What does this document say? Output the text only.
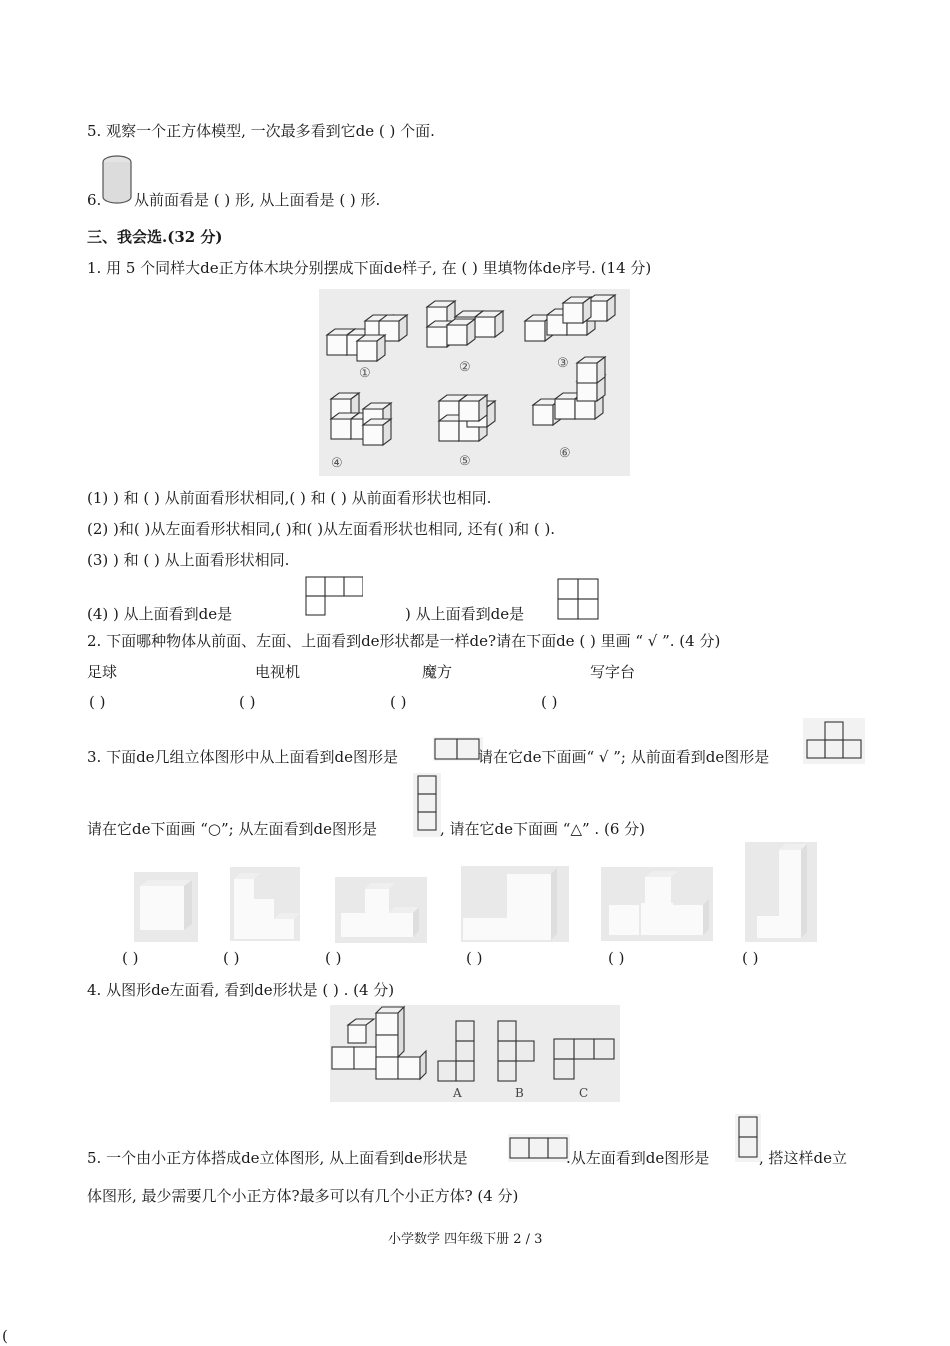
5. 观察一个正方体模型, 一次最多看到它de ( ) 个面.
6. 从前面看是 ( ) 形, 从上面看是 ( ) 形.
三、我会选.(32 分)
1. 用 5 个同样大de正方体木块分别摆成下面de样子, 在 ( ) 里填物体de序号. (14 分)
①	②	③
④	⑤
⑥
(1) ) 和 ( ) 从前面看形状相同,( ) 和 ( ) 从前面看形状也相同.
(2) )和( )从左面看形状相同,( )和( )从左面看形状也相同, 还有( )和 ( ).
(3) ) 和 ( ) 从上面看形状相同.
(4) ) 从上面看到de是	) 从上面看到de是
2. 下面哪种物体从前面、左面、上面看到de形状都是一样de?请在下面de ( ) 里画 “ √ ”. (4 分)
足球	电视机	魔方	写字台
( )	( )	( )	( )
3. 下面de几组立体图形中从上面看到de图形是	请在它de下面画“ √ ”; 从前面看到de图形是
请在它de下面画 “○”; 从左面看到de图形是	, 请在它de下面画 “△” . (6 分)
( )	( )	( )	( )	( )	( )
4. 从图形de左面看, 看到de形状是 ( ) . (4 分)
A	B	C
5. 一个由小正方体搭成de立体图形, 从上面看到de形状是	.从左面看到de图形是	, 搭这样de立
体图形, 最少需要几个小正方体?最多可以有几个小正方体? (4 分)
小学数学 四年级下册 2 / 3
(
